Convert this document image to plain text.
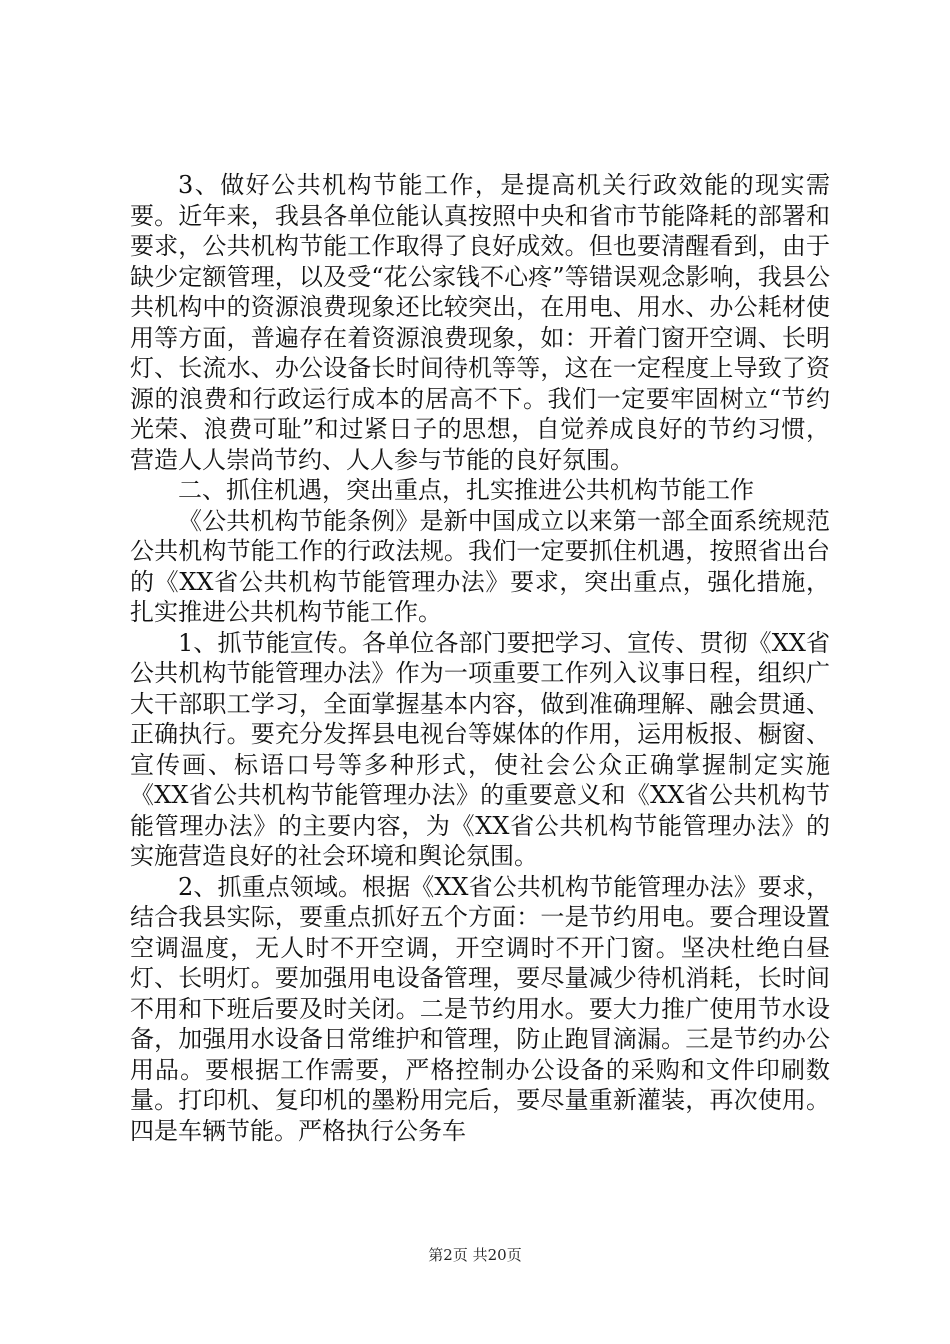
3、做好公共机构节能工作，是提高机关行政效能的现实需要。近年来，我县各单位能认真按照中央和省市节能降耗的部署和要求，公共机构节能工作取得了良好成效。但也要清醒看到，由于缺少定额管理，以及受“花公家钱不心疼”等错误观念影响，我县公共机构中的资源浪费现象还比较突出，在用电、用水、办公耗材使用等方面，普遍存在着资源浪费现象，如：开着门窗开空调、长明灯、长流水、办公设备长时间待机等等，这在一定程度上导致了资源的浪费和行政运行成本的居高不下。我们一定要牢固树立“节约光荣、浪费可耻”和过紧日子的思想，自觉养成良好的节约习惯，营造人人崇尚节约、人人参与节能的良好氛围。

二、抓住机遇，突出重点，扎实推进公共机构节能工作

《公共机构节能条例》是新中国成立以来第一部全面系统规范公共机构节能工作的行政法规。我们一定要抓住机遇，按照省出台的《XX省公共机构节能管理办法》要求，突出重点，强化措施，扎实推进公共机构节能工作。

1、抓节能宣传。各单位各部门要把学习、宣传、贯彻《XX省公共机构节能管理办法》作为一项重要工作列入议事日程，组织广大干部职工学习，全面掌握基本内容，做到准确理解、融会贯通、正确执行。要充分发挥县电视台等媒体的作用，运用板报、橱窗、宣传画、标语口号等多种形式，使社会公众正确掌握制定实施《XX省公共机构节能管理办法》的重要意义和《XX省公共机构节能管理办法》的主要内容，为《XX省公共机构节能管理办法》的实施营造良好的社会环境和舆论氛围。

2、抓重点领域。根据《XX省公共机构节能管理办法》要求，结合我县实际，要重点抓好五个方面：一是节约用电。要合理设置空调温度，无人时不开空调，开空调时不开门窗。坚决杜绝白昼灯、长明灯。要加强用电设备管理，要尽量减少待机消耗，长时间不用和下班后要及时关闭。二是节约用水。要大力推广使用节水设备，加强用水设备日常维护和管理，防止跑冒滴漏。三是节约办公用品。要根据工作需要，严格控制办公设备的采购和文件印刷数量。打印机、复印机的墨粉用完后，要尽量重新灌装，再次使用。四是车辆节能。严格执行公务车

第2页 共20页
